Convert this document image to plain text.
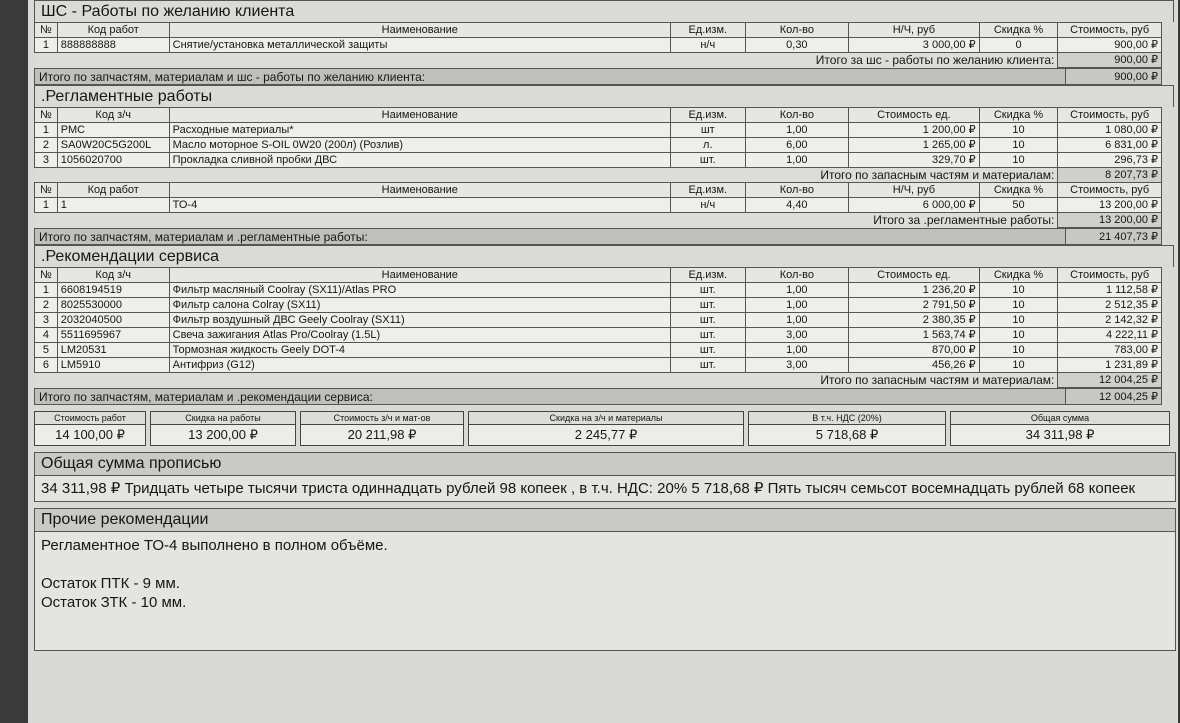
ШС - Работы по желанию клиента
№	Код работ	Наименование	Ед.изм.	Кол-во	Н/Ч, руб	Скидка %	Стоимость, руб
1	888888888	Снятие/установка металлической защиты	н/ч	0,30	3 000,00 ₽	0	900,00 ₽
Итого за шс - работы по желанию клиента:							900,00 ₽
Итого по запчастям, материалам и шс - работы по желанию клиента:	900,00 ₽
.Регламентные работы
№	Код з/ч	Наименование	Ед.изм.	Кол-во	Стоимость ед.	Скидка %	Стоимость, руб
1	РМС	Расходные материалы*	шт	1,00	1 200,00 ₽	10	1 080,00 ₽
2	SA0W20C5G200L	Масло моторное S-OIL 0W20 (200л) (Розлив)	л.	6,00	1 265,00 ₽	10	6 831,00 ₽
3	1056020700	Прокладка сливной пробки ДВС	шт.	1,00	329,70 ₽	10	296,73 ₽
Итого по запасным частям и материалам:							8 207,73 ₽
№	Код работ	Наименование	Ед.изм.	Кол-во	Н/Ч, руб	Скидка %	Стоимость, руб
1	1	ТО-4	н/ч	4,40	6 000,00 ₽	50	13 200,00 ₽
Итого за .регламентные работы:							13 200,00 ₽
Итого по запчастям, материалам и .регламентные работы:	21 407,73 ₽
.Рекомендации сервиса
№	Код з/ч	Наименование	Ед.изм.	Кол-во	Стоимость ед.	Скидка %	Стоимость, руб
1	6608194519	Фильтр масляный Coolray (SX11)/Atlas PRO	шт.	1,00	1 236,20 ₽	10	1 112,58 ₽
2	8025530000	Фильтр салона Colray (SX11)	шт.	1,00	2 791,50 ₽	10	2 512,35 ₽
3	2032040500	Фильтр воздушный ДВС Geely Coolray (SX11)	шт.	1,00	2 380,35 ₽	10	2 142,32 ₽
4	5511695967	Свеча зажигания Atlas Pro/Coolray (1.5L)	шт.	3,00	1 563,74 ₽	10	4 222,11 ₽
5	LM20531	Тормозная жидкость Geely DOT-4	шт.	1,00	870,00 ₽	10	783,00 ₽
6	LM5910	Антифриз (G12)	шт.	3,00	456,26 ₽	10	1 231,89 ₽
Итого по запасным частям и материалам:							12 004,25 ₽
Итого по запчастям, материалам и .рекомендации сервиса:	12 004,25 ₽
Стоимость работ
14 100,00 ₽
Скидка на работы
13 200,00 ₽
Стоимость з/ч и мат-ов
20 211,98 ₽
Скидка на з/ч и материалы
2 245,77 ₽
В т.ч. НДС (20%)
5 718,68 ₽
Общая сумма
34 311,98 ₽
Общая сумма прописью
34 311,98 ₽ Тридцать четыре тысячи триста одиннадцать рублей 98 копеек , в т.ч. НДС: 20% 5 718,68 ₽ Пять тысяч семьсот восемнадцать рублей 68 копеек
Прочие рекомендации
Регламентное ТО-4 выполнено в полном объёме.
Остаток ПТК - 9 мм.
Остаток ЗТК - 10 мм.
